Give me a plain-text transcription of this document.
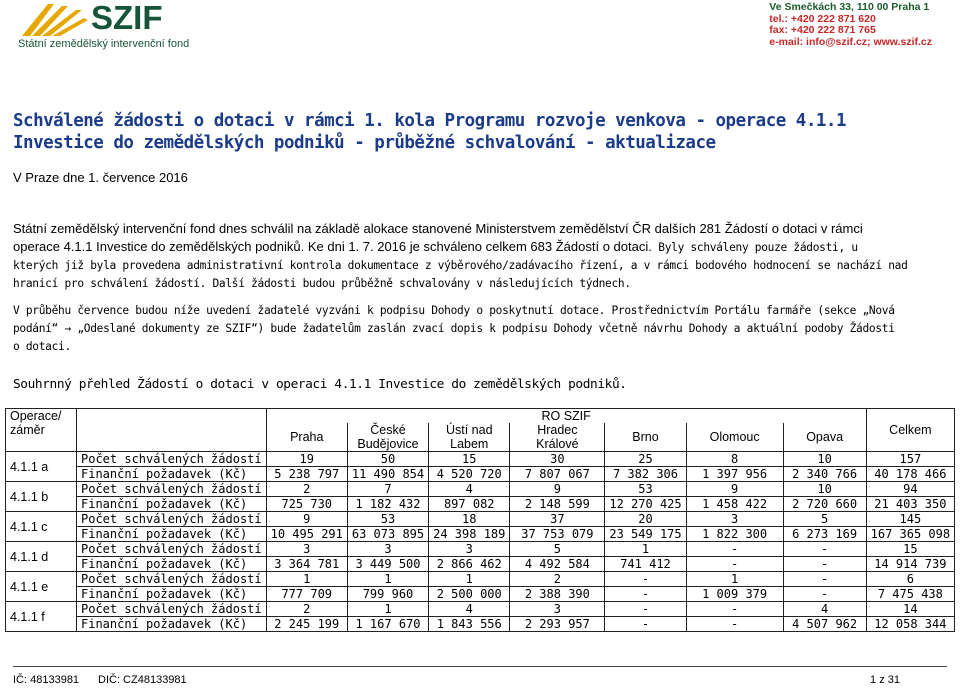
SZIF
Státní zemědělský intervenční fond
Ve Smečkách 33, 110 00 Praha 1
tel.: +420 222 871 620
fax: +420 222 871 765
e-mail: info@szif.cz; www.szif.cz
Schválené žádosti o dotaci v rámci 1. kola Programu rozvoje venkova - operace 4.1.1
Investice do zemědělských podniků - průběžné schvalování - aktualizace
V Praze dne 1. července 2016
Státní zemědělský intervenční fond dnes schválil na základě alokace stanovené Ministerstvem zemědělství ČR dalších 281 Žádostí o dotaci v rámci
operace 4.1.1 Investice do zemědělských podniků. Ke dni 1. 7. 2016 je schváleno celkem 683 Žádostí o dotaci. Byly schváleny pouze žádosti, u
kterých již byla provedena administrativní kontrola dokumentace z výběrového/zadávacího řízení, a v rámci bodového hodnocení se nachází nad
hranicí pro schválení žádostí. Další žádosti budou průběžně schvalovány v následujících týdnech.
V průběhu července budou níže uvedení žadatelé vyzváni k podpisu Dohody o poskytnutí dotace. Prostřednictvím Portálu farmáře (sekce „Nová
podání“ → „Odeslané dokumenty ze SZIF“) bude žadatelům zaslán zvací dopis k podpisu Dohody včetně návrhu Dohody a aktuální podoby Žádosti
o dotaci.
Souhrnný přehled Žádostí o dotaci v operaci 4.1.1 Investice do zemědělských podniků.
Operace/ záměr		RO SZIF							Celkem
		Praha	České Budějovice	Ústí nad Labem	Hradec Králové	Brno	Olomouc	Opava	
4.1.1 a	Počet schválených žádostí	19	50	15	30	25	8	10	157
	Finanční požadavek (Kč)	5 238 797	11 490 854	4 520 720	7 807 067	7 382 306	1 397 956	2 340 766	40 178 466
4.1.1 b	Počet schválených žádostí	2	7	4	9	53	9	10	94
	Finanční požadavek (Kč)	725 730	1 182 432	897 082	2 148 599	12 270 425	1 458 422	2 720 660	21 403 350
4.1.1 c	Počet schválených žádostí	9	53	18	37	20	3	5	145
	Finanční požadavek (Kč)	10 495 291	63 073 895	24 398 189	37 753 079	23 549 175	1 822 300	6 273 169	167 365 098
4.1.1 d	Počet schválených žádostí	3	3	3	5	1	-	-	15
	Finanční požadavek (Kč)	3 364 781	3 449 500	2 866 462	4 492 584	741 412	-	-	14 914 739
4.1.1 e	Počet schválených žádostí	1	1	1	2	-	1	-	6
	Finanční požadavek (Kč)	777 709	799 960	2 500 000	2 388 390	-	1 009 379	-	7 475 438
4.1.1 f	Počet schválených žádostí	2	1	4	3	-	-	4	14
	Finanční požadavek (Kč)	2 245 199	1 167 670	1 843 556	2 293 957	-	-	4 507 962	12 058 344
IČ: 48133981 DIČ: CZ48133981	1 z 31
